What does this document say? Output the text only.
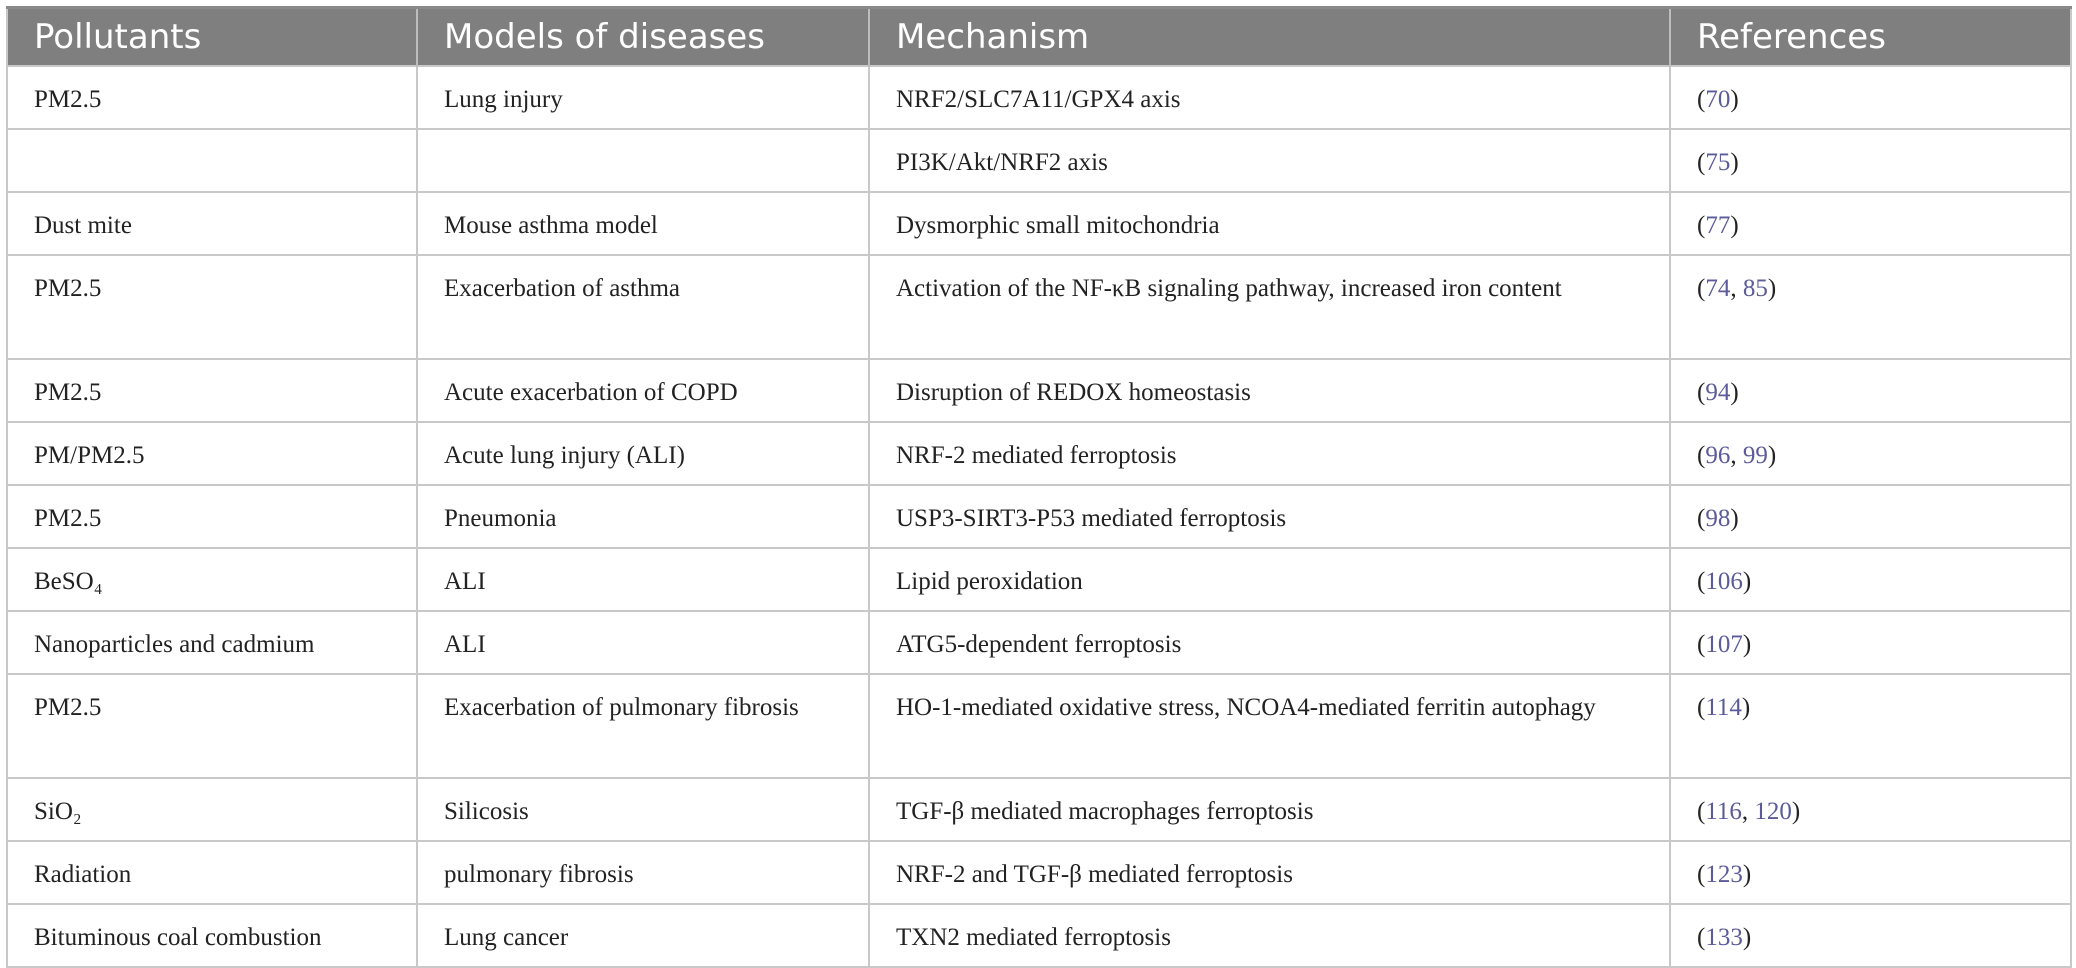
Pollutants	Models of diseases	Mechanism	References
PM2.5	Lung injury	NRF2/SLC7A11/GPX4 axis	(70)
		PI3K/Akt/NRF2 axis	(75)
Dust mite	Mouse asthma model	Dysmorphic small mitochondria	(77)
PM2.5	Exacerbation of asthma	Activation of the NF-κB signaling pathway, increased iron content	(74, 85)
PM2.5	Acute exacerbation of COPD	Disruption of REDOX homeostasis	(94)
PM/PM2.5	Acute lung injury (ALI)	NRF-2 mediated ferroptosis	(96, 99)
PM2.5	Pneumonia	USP3-SIRT3-P53 mediated ferroptosis	(98)
BeSO₄	ALI	Lipid peroxidation	(106)
Nanoparticles and cadmium	ALI	ATG5-dependent ferroptosis	(107)
PM2.5	Exacerbation of pulmonary fibrosis	HO-1-mediated oxidative stress, NCOA4-mediated ferritin autophagy	(114)
SiO₂	Silicosis	TGF-β mediated macrophages ferroptosis	(116, 120)
Radiation	pulmonary fibrosis	NRF-2 and TGF-β mediated ferroptosis	(123)
Bituminous coal combustion	Lung cancer	TXN2 mediated ferroptosis	(133)
